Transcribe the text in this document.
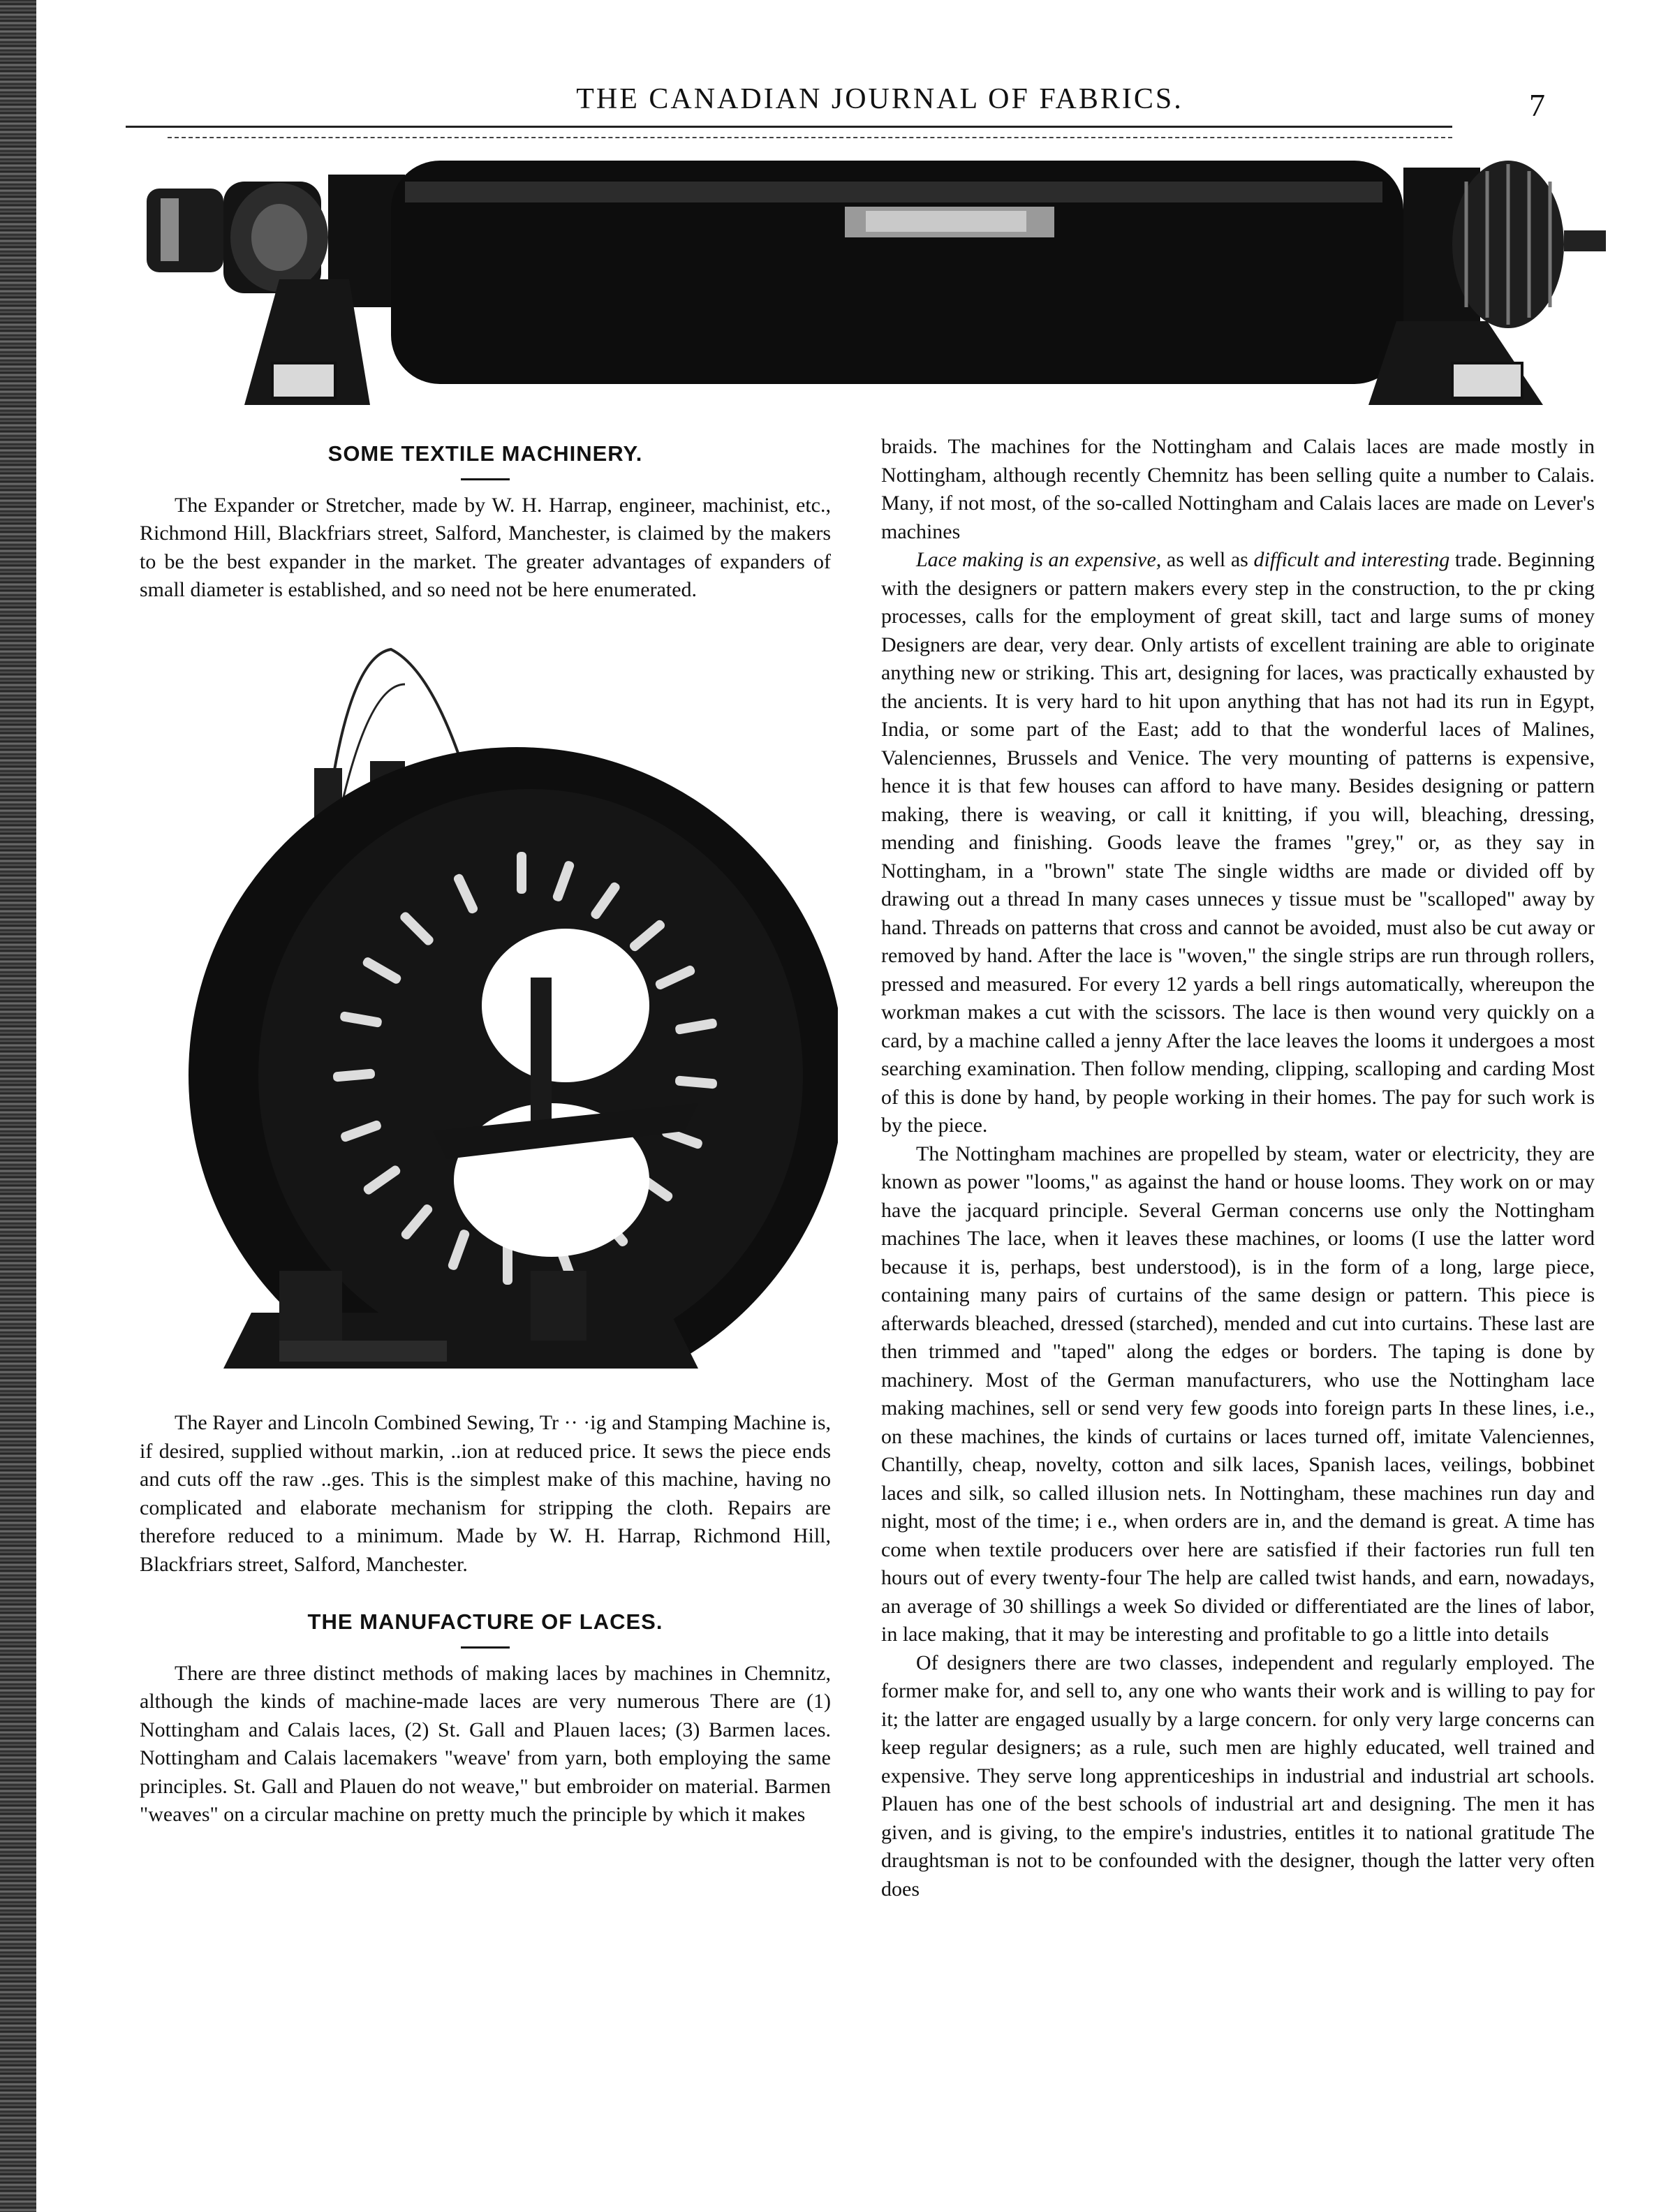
THE CANADIAN JOURNAL OF FABRICS.	7
SOME TEXTILE MACHINERY.

The Expander or Stretcher, made by W. H. Harrap, engineer, machinist, etc., Richmond Hill, Blackfriars street, Salford, Manchester, is claimed by the makers to be the best expander in the market. The greater advantages of expanders of small diameter is established, and so need not be here enumerated.

The Rayer and Lincoln Combined Sewing, Tr ·· ·ig and Stamping Machine is, if desired, supplied without markin, ..ion at reduced price. It sews the piece ends and cuts off the raw ..ges. This is the simplest make of this machine, having no complicated and elaborate mechanism for stripping the cloth. Repairs are therefore reduced to a minimum. Made by W. H. Harrap, Richmond Hill, Blackfriars street, Salford, Manchester.

THE MANUFACTURE OF LACES.

There are three distinct methods of making laces by machines in Chemnitz, although the kinds of machine-made laces are very numerous There are (1) Nottingham and Calais laces, (2) St. Gall and Plauen laces; (3) Barmen laces. Nottingham and Calais lacemakers "weave' from yarn, both employing the same principles. St. Gall and Plauen do not weave," but embroider on material. Barmen "weaves" on a circular machine on pretty much the principle by which it makes

braids. The machines for the Nottingham and Calais laces are made mostly in Nottingham, although recently Chemnitz has been selling quite a number to Calais. Many, if not most, of the so-called Nottingham and Calais laces are made on Lever's machines

Lace making is an expensive, as well as difficult and interesting trade. Beginning with the designers or pattern makers every step in the construction, to the pr cking processes, calls for the employment of great skill, tact and large sums of money Designers are dear, very dear. Only artists of excellent training are able to originate anything new or striking. This art, designing for laces, was practically exhausted by the ancients. It is very hard to hit upon anything that has not had its run in Egypt, India, or some part of the East; add to that the wonderful laces of Malines, Valenciennes, Brussels and Venice. The very mounting of patterns is expensive, hence it is that few houses can afford to have many. Besides designing or pattern making, there is weaving, or call it knitting, if you will, bleaching, dressing, mending and finishing. Goods leave the frames "grey," or, as they say in Nottingham, in a "brown" state The single widths are made or divided off by drawing out a thread In many cases unneces y tissue must be "scalloped" away by hand. Threads on patterns that cross and cannot be avoided, must also be cut away or removed by hand. After the lace is "woven," the single strips are run through rollers, pressed and measured. For every 12 yards a bell rings automatically, whereupon the workman makes a cut with the scissors. The lace is then wound very quickly on a card, by a machine called a jenny After the lace leaves the looms it undergoes a most searching examination. Then follow mending, clipping, scalloping and carding Most of this is done by hand, by people working in their homes. The pay for such work is by the piece.

The Nottingham machines are propelled by steam, water or electricity, they are known as power "looms," as against the hand or house looms. They work on or may have the jacquard principle. Several German concerns use only the Nottingham machines The lace, when it leaves these machines, or looms (I use the latter word because it is, perhaps, best understood), is in the form of a long, large piece, containing many pairs of curtains of the same design or pattern. This piece is afterwards bleached, dressed (starched), mended and cut into curtains. These last are then trimmed and "taped" along the edges or borders. The taping is done by machinery. Most of the German manufacturers, who use the Nottingham lace making machines, sell or send very few goods into foreign parts In these lines, i.e., on these machines, the kinds of curtains or laces turned off, imitate Valenciennes, Chantilly, cheap, novelty, cotton and silk laces, Spanish laces, veilings, bobbinet laces and silk, so called illusion nets. In Nottingham, these machines run day and night, most of the time; i e., when orders are in, and the demand is great. A time has come when textile producers over here are satisfied if their factories run full ten hours out of every twenty-four The help are called twist hands, and earn, nowadays, an average of 30 shillings a week So divided or differentiated are the lines of labor, in lace making, that it may be interesting and profitable to go a little into details

Of designers there are two classes, independent and regularly employed. The former make for, and sell to, any one who wants their work and is willing to pay for it; the latter are engaged usually by a large concern. for only very large concerns can keep regular designers; as a rule, such men are highly educated, well trained and expensive. They serve long apprenticeships in industrial and industrial art schools. Plauen has one of the best schools of industrial art and designing. The men it has given, and is giving, to the empire's industries, entitles it to national gratitude The draughtsman is not to be confounded with the designer, though the latter very often does
